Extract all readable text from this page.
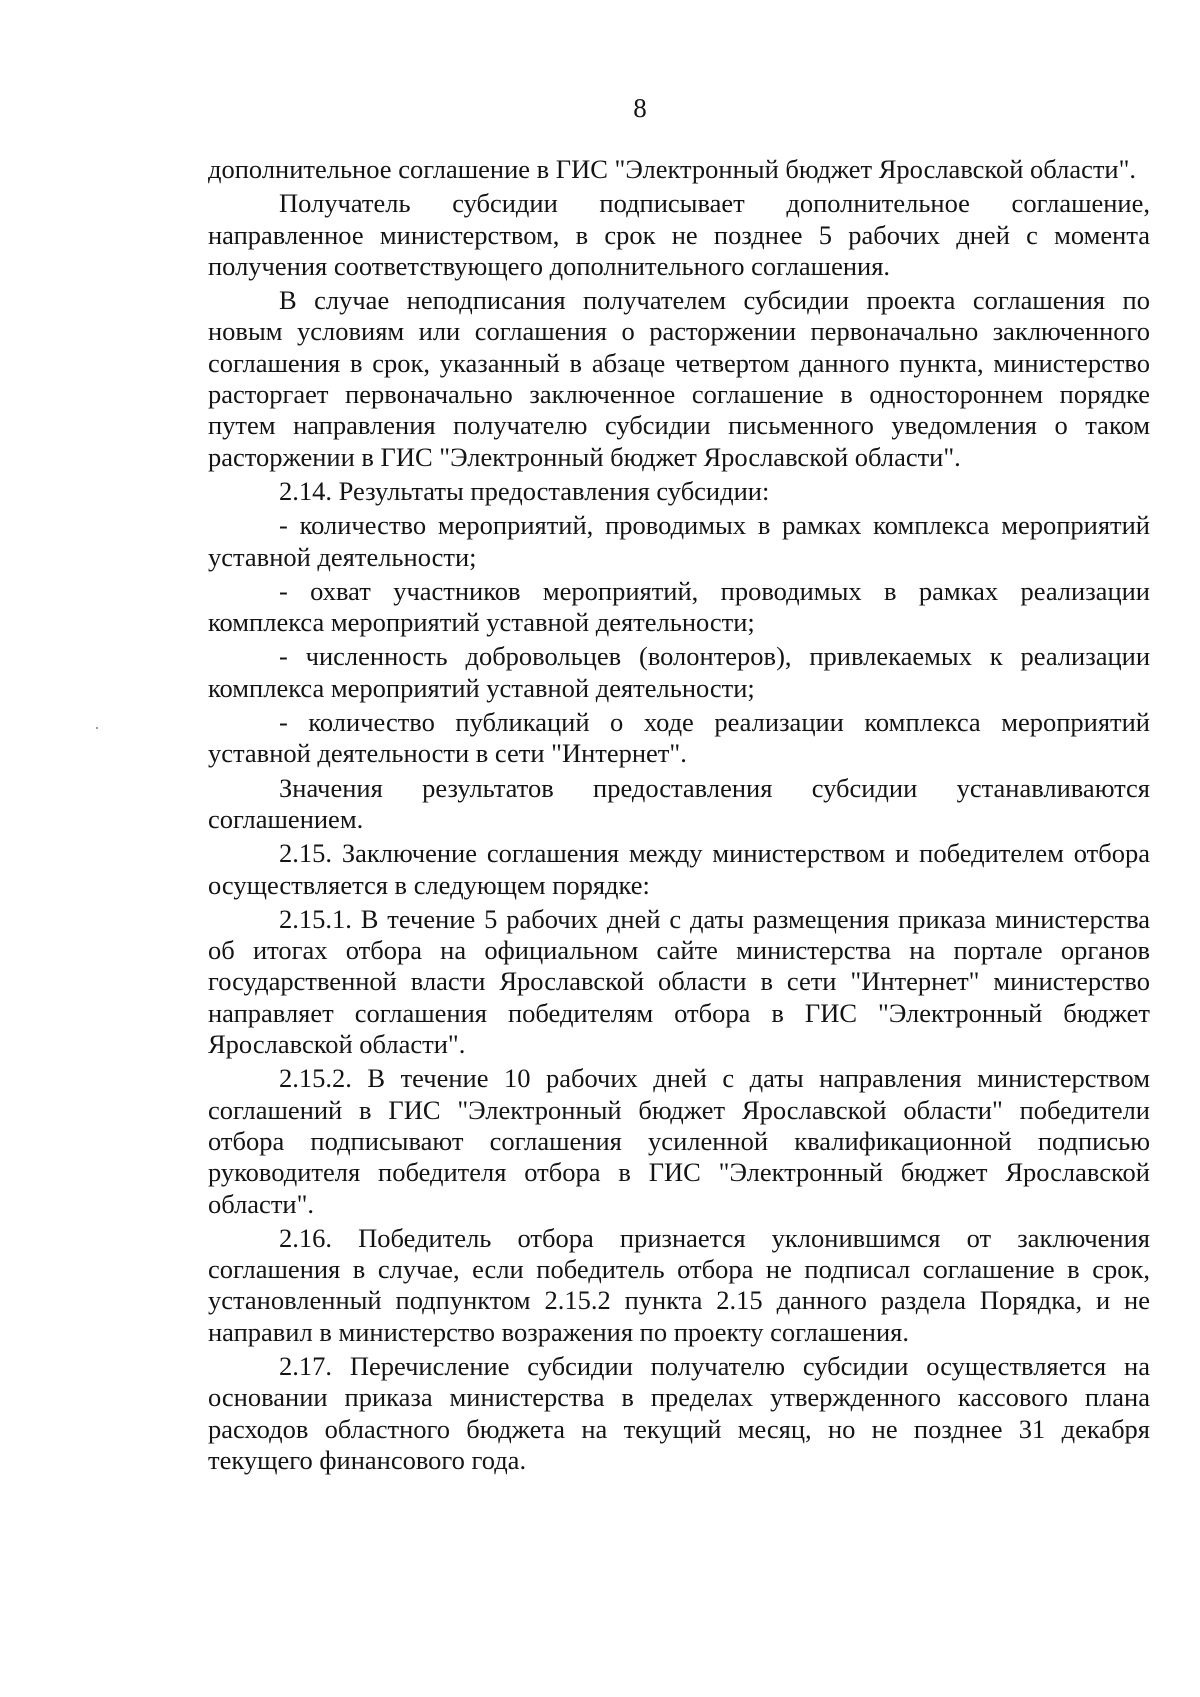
8

дополнительное соглашение в ГИС "Электронный бюджет Ярославской области".

Получатель субсидии подписывает дополнительное соглашение, направленное министерством, в срок не позднее 5 рабочих дней с момента получения соответствующего дополнительного соглашения.

В случае неподписания получателем субсидии проекта соглашения по новым условиям или соглашения о расторжении первоначально заключенного соглашения в срок, указанный в абзаце четвертом данного пункта, министерство расторгает первоначально заключенное соглашение в одностороннем порядке путем направления получателю субсидии письменного уведомления о таком расторжении в ГИС "Электронный бюджет Ярославской области".

2.14. Результаты предоставления субсидии:

- количество мероприятий, проводимых в рамках комплекса мероприятий уставной деятельности;

- охват участников мероприятий, проводимых в рамках реализации комплекса мероприятий уставной деятельности;

- численность добровольцев (волонтеров), привлекаемых к реализации комплекса мероприятий уставной деятельности;

- количество публикаций о ходе реализации комплекса мероприятий уставной деятельности в сети "Интернет".

Значения результатов предоставления субсидии устанавливаются соглашением.

2.15. Заключение соглашения между министерством и победителем отбора осуществляется в следующем порядке:

2.15.1. В течение 5 рабочих дней с даты размещения приказа министерства об итогах отбора на официальном сайте министерства на портале органов государственной власти Ярославской области в сети "Интернет" министерство направляет соглашения победителям отбора в ГИС "Электронный бюджет Ярославской области".

2.15.2. В течение 10 рабочих дней с даты направления министерством соглашений в ГИС "Электронный бюджет Ярославской области" победители отбора подписывают соглашения усиленной квалификационной подписью руководителя победителя отбора в ГИС "Электронный бюджет Ярославской области".

2.16. Победитель отбора признается уклонившимся от заключения соглашения в случае, если победитель отбора не подписал соглашение в срок, установленный подпунктом 2.15.2 пункта 2.15 данного раздела Порядка, и не направил в министерство возражения по проекту соглашения.

2.17. Перечисление субсидии получателю субсидии осуществляется на основании приказа министерства в пределах утвержденного кассового плана расходов областного бюджета на текущий месяц, но не позднее 31 декабря текущего финансового года.
